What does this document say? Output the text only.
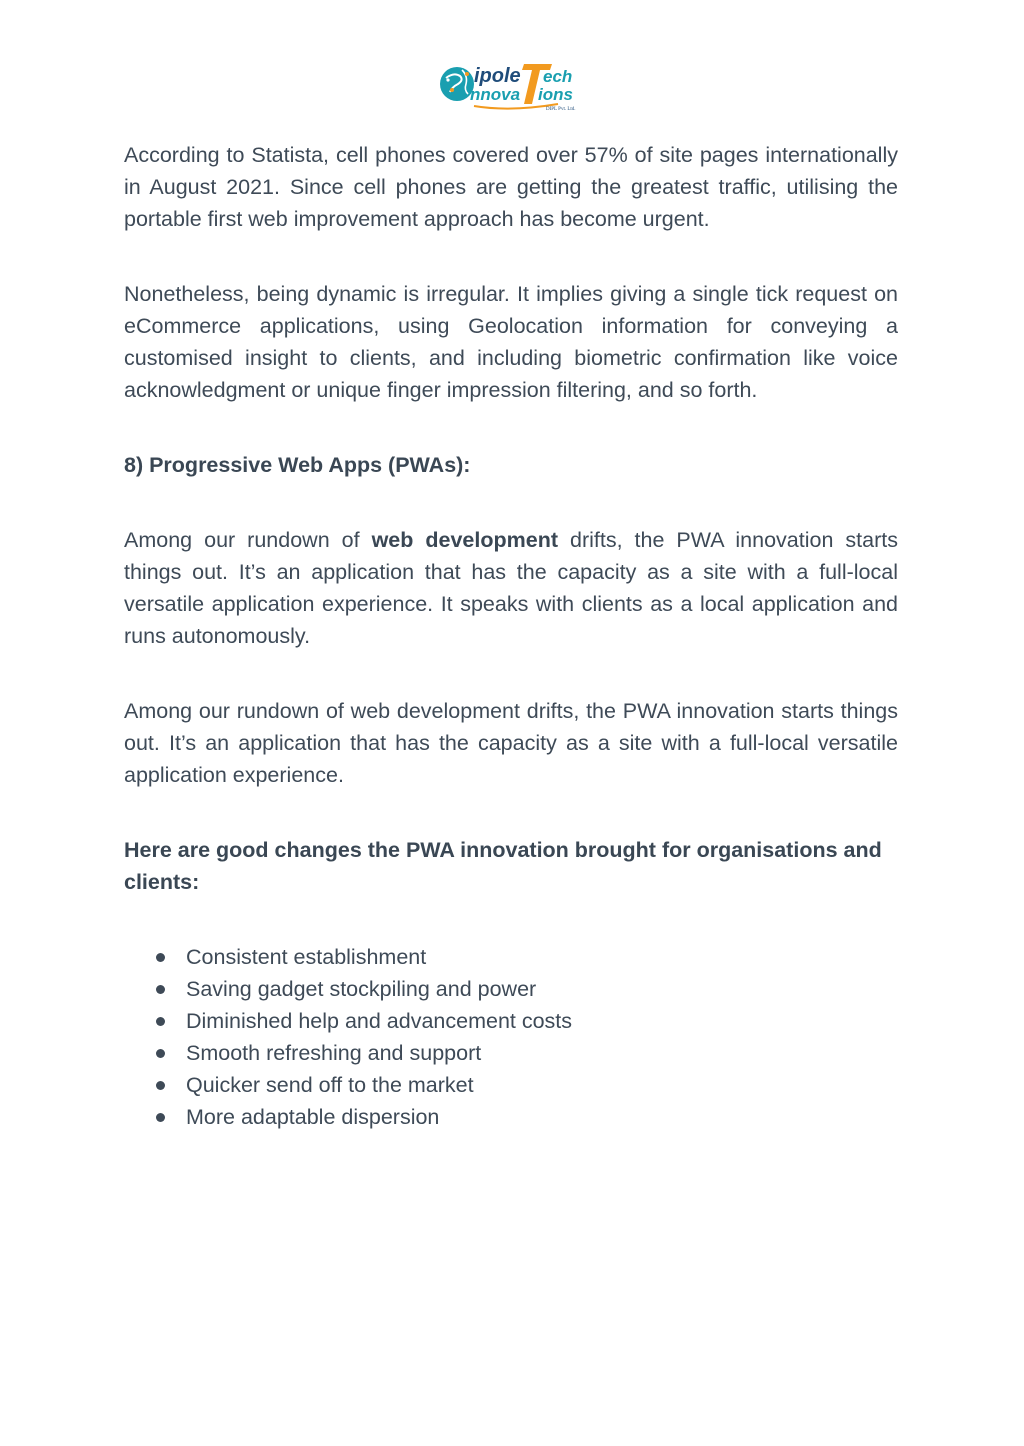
ipole ech
nnova ions
DIPL Pvt. Ltd.

According to Statista, cell phones covered over 57% of site pages internationally in August 2021. Since cell phones are getting the greatest traffic, utilising the portable first web improvement approach has become urgent.

Nonetheless, being dynamic is irregular. It implies giving a single tick request on eCommerce applications, using Geolocation information for conveying a customised insight to clients, and including biometric confirmation like voice acknowledgment or unique finger impression filtering, and so forth.

8) Progressive Web Apps (PWAs):

Among our rundown of web development drifts, the PWA innovation starts things out. It’s an application that has the capacity as a site with a full-local versatile application experience. It speaks with clients as a local application and runs autonomously.

Among our rundown of web development drifts, the PWA innovation starts things out. It’s an application that has the capacity as a site with a full-local versatile application experience.

Here are good changes the PWA innovation brought for organisations and clients:

Consistent establishment
Saving gadget stockpiling and power
Diminished help and advancement costs
Smooth refreshing and support
Quicker send off to the market
More adaptable dispersion
